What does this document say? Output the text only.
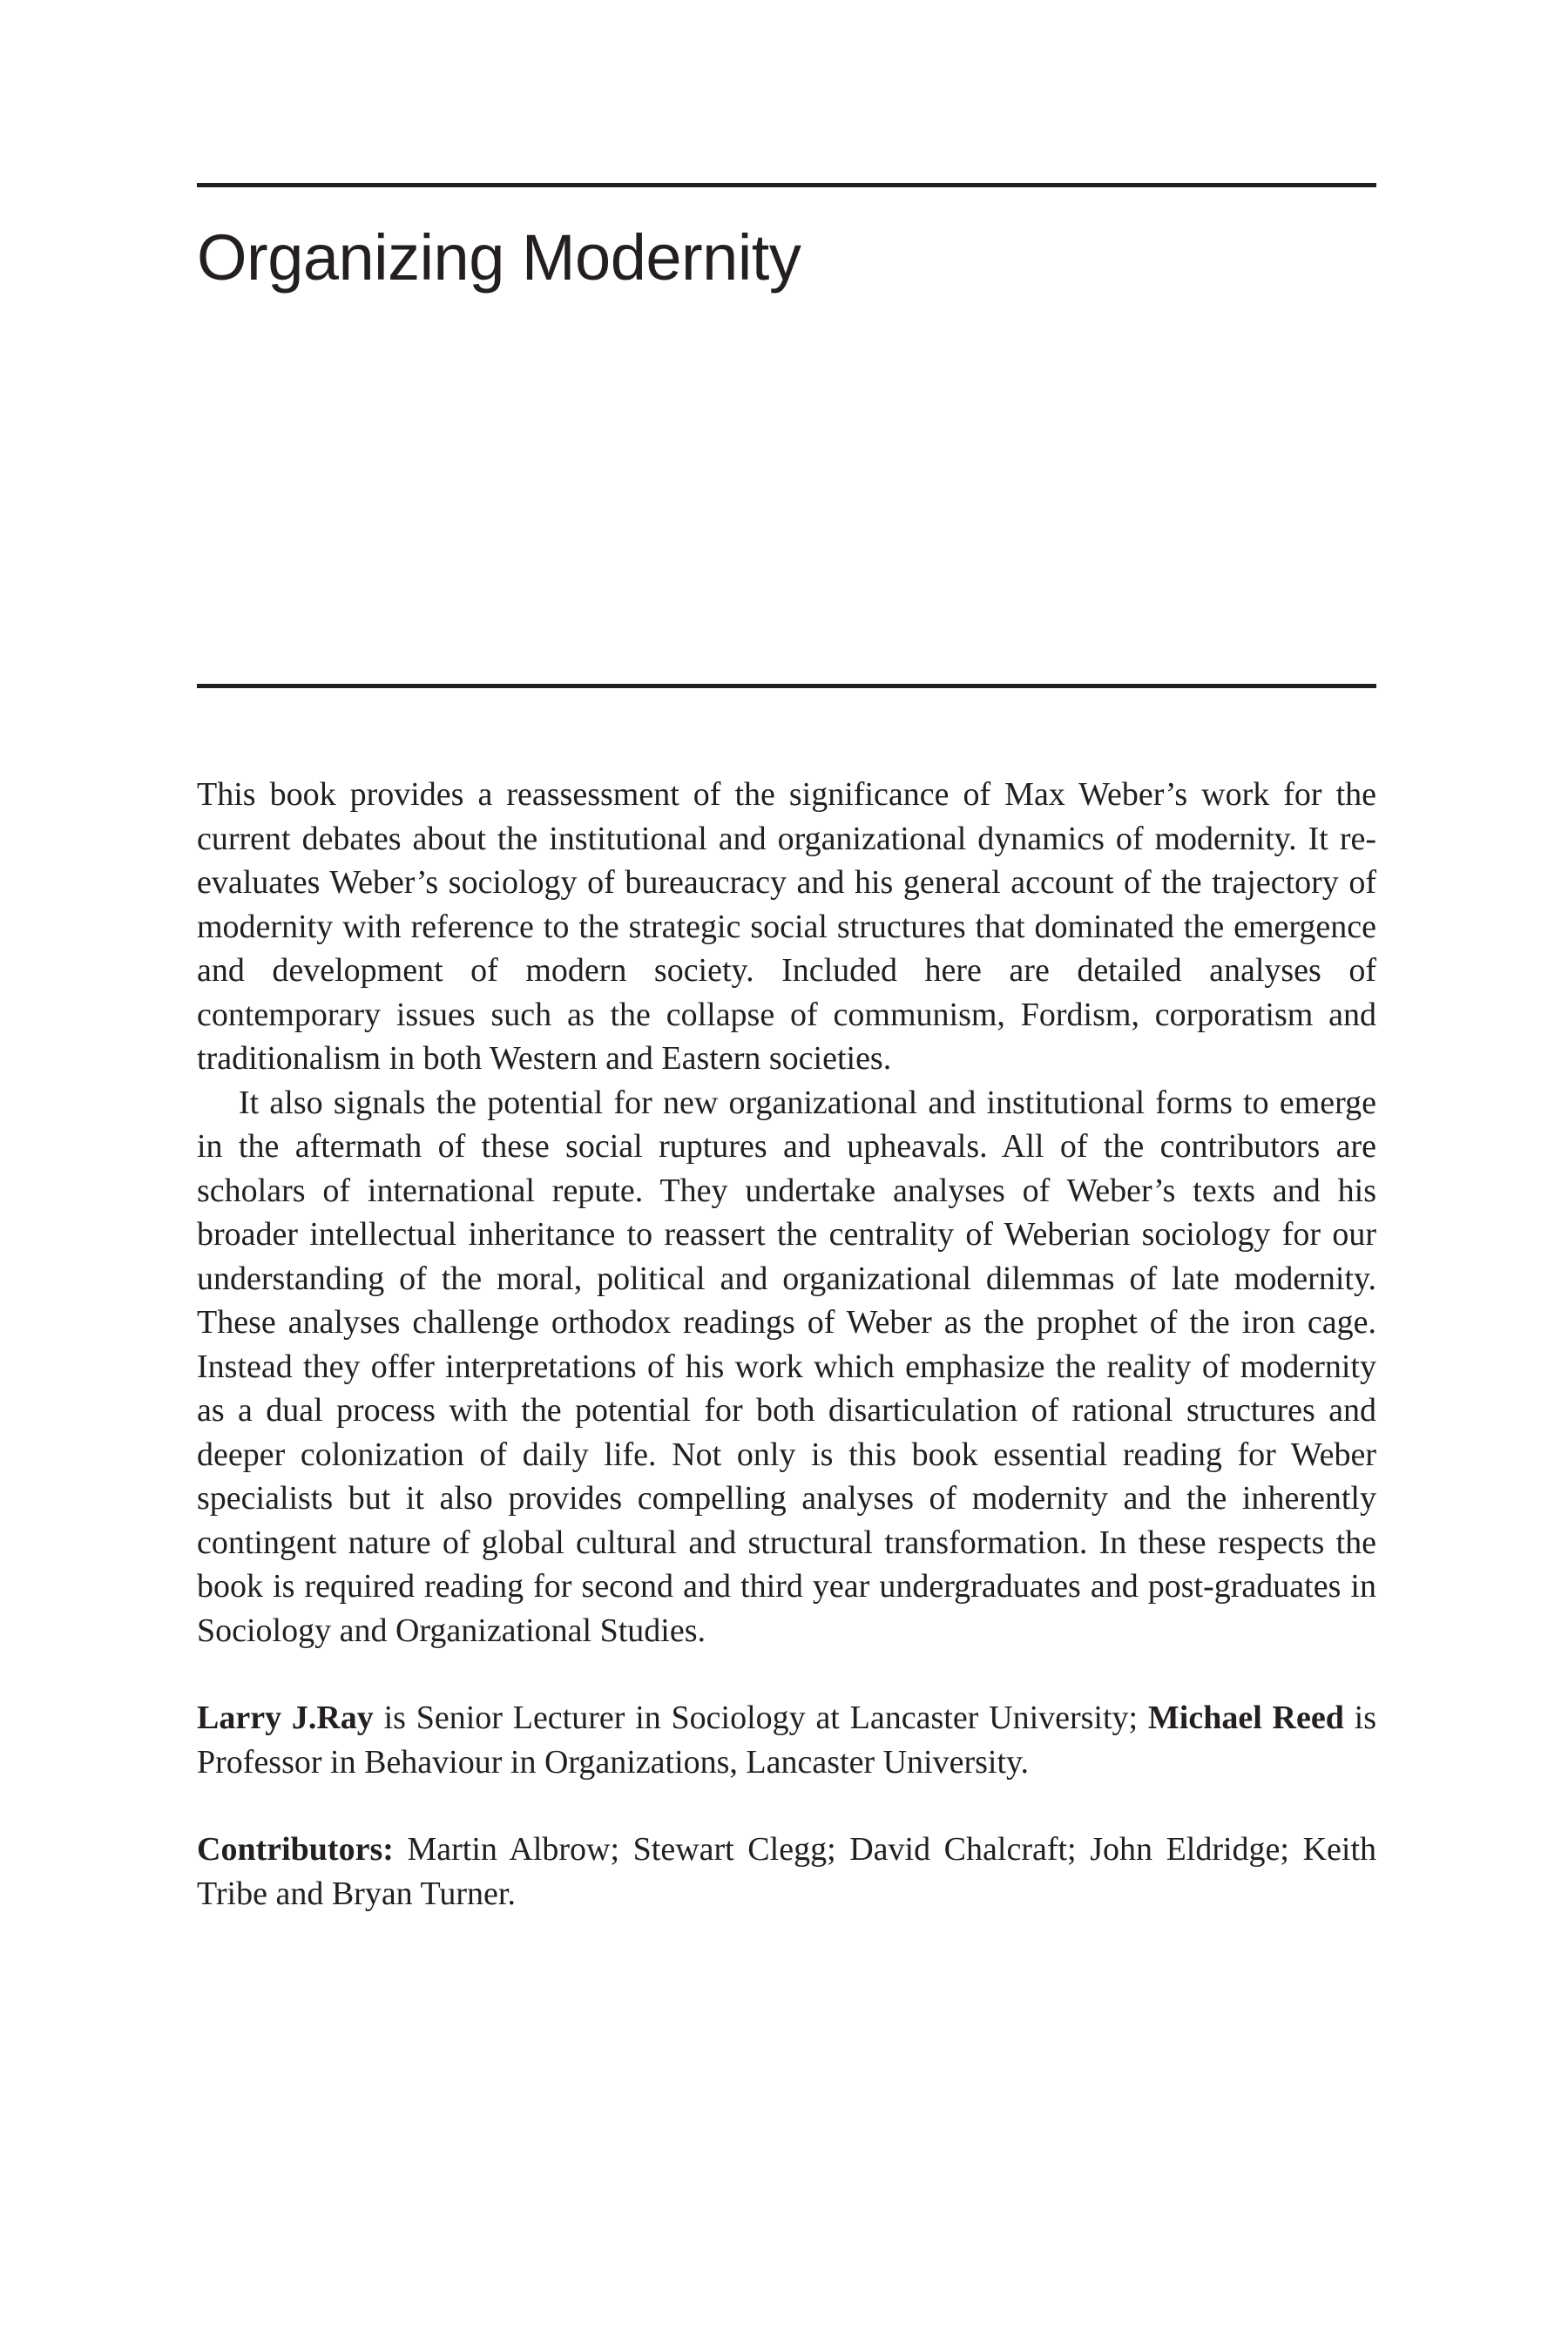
Organizing Modernity

This book provides a reassessment of the significance of Max Weber’s work for the current debates about the institutional and organizational dynamics of modernity. It re-evaluates Weber’s sociology of bureaucracy and his general account of the trajectory of modernity with reference to the strategic social structures that dominated the emergence and development of modern society. Included here are detailed analyses of contemporary issues such as the collapse of communism, Fordism, corporatism and traditionalism in both Western and Eastern societies.

It also signals the potential for new organizational and institutional forms to emerge in the aftermath of these social ruptures and upheavals. All of the contributors are scholars of international repute. They undertake analyses of Weber’s texts and his broader intellectual inheritance to reassert the centrality of Weberian sociology for our understanding of the moral, political and organizational dilemmas of late modernity. These analyses challenge orthodox readings of Weber as the prophet of the iron cage. Instead they offer interpretations of his work which emphasize the reality of modernity as a dual process with the potential for both disarticulation of rational structures and deeper colonization of daily life. Not only is this book essential reading for Weber specialists but it also provides compelling analyses of modernity and the inherently contingent nature of global cultural and structural transformation. In these respects the book is required reading for second and third year undergraduates and post-graduates in Sociology and Organizational Studies.

Larry J.Ray is Senior Lecturer in Sociology at Lancaster University; Michael Reed is Professor in Behaviour in Organizations, Lancaster University.

Contributors: Martin Albrow; Stewart Clegg; David Chalcraft; John Eldridge; Keith Tribe and Bryan Turner.
